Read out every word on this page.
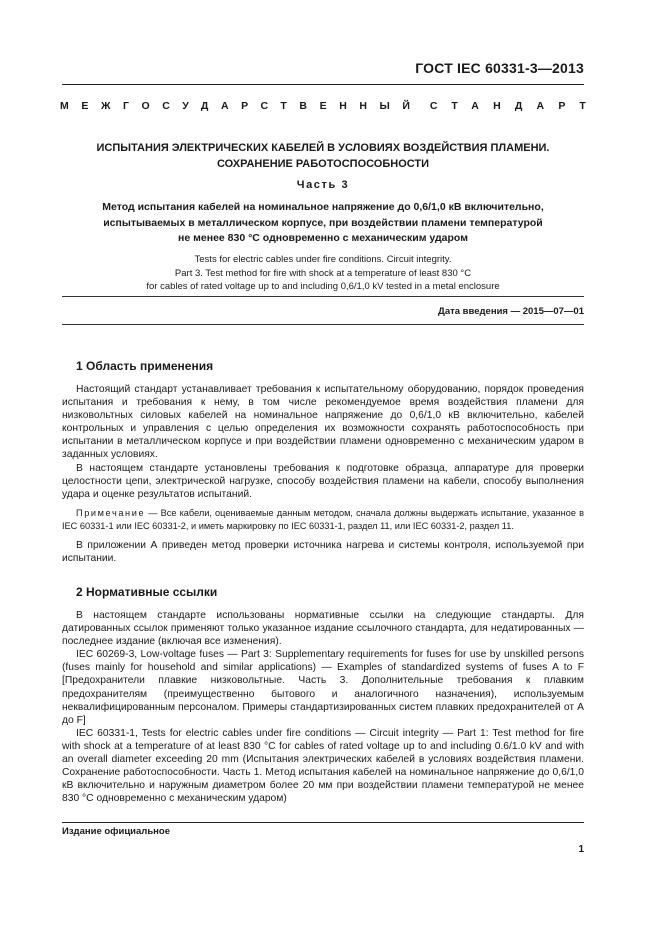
ГОСТ IEC 60331-3—2013
МЕЖГОСУДАРСТВЕННЫЙ СТАНДАРТ
ИСПЫТАНИЯ ЭЛЕКТРИЧЕСКИХ КАБЕЛЕЙ В УСЛОВИЯХ ВОЗДЕЙСТВИЯ ПЛАМЕНИ.
СОХРАНЕНИЕ РАБОТОСПОСОБНОСТИ
Часть 3
Метод испытания кабелей на номинальное напряжение до 0,6/1,0 кВ включительно,
испытываемых в металлическом корпусе, при воздействии пламени температурой
не менее 830 °С одновременно с механическим ударом
Tests for electric cables under fire conditions. Circuit integrity.
Part 3. Test method for fire with shock at a temperature of least 830 °C
for cables of rated voltage up to and including 0,6/1,0 kV tested in a metal enclosure
Дата введения — 2015—07—01
1 Область применения

Настоящий стандарт устанавливает требования к испытательному оборудованию, порядок проведения испытания и требования к нему, в том числе рекомендуемое время воздействия пламени для низковольтных силовых кабелей на номинальное напряжение до 0,6/1,0 кВ включительно, кабелей контрольных и управления с целью определения их возможности сохранять работоспособность при испытании в металлическом корпусе и при воздействии пламени одновременно с механическим ударом в заданных условиях.

В настоящем стандарте установлены требования к подготовке образца, аппаратуре для проверки целостности цепи, электрической нагрузке, способу воздействия пламени на кабели, способу выполнения удара и оценке результатов испытаний.

Примечание — Все кабели, оцениваемые данным методом, сначала должны выдержать испытание, указанное в IEC 60331-1 или IEC 60331-2, и иметь маркировку по IEC 60331-1, раздел 11, или IEC 60331-2, раздел 11.

В приложении А приведен метод проверки источника нагрева и системы контроля, используемой при испытании.

2 Нормативные ссылки

В настоящем стандарте использованы нормативные ссылки на следующие стандарты. Для датированных ссылок применяют только указанное издание ссылочного стандарта, для недатированных — последнее издание (включая все изменения).

IEC 60269-3, Low-voltage fuses — Part 3: Supplementary requirements for fuses for use by unskilled persons (fuses mainly for household and similar applications) — Examples of standardized systems of fuses A to F [Предохранители плавкие низковольтные. Часть 3. Дополнительные требования к плавким предохранителям (преимущественно бытового и аналогичного назначения), используемым неквалифицированным персоналом. Примеры стандартизированных систем плавких предохранителей от А до F]

IEC 60331-1, Tests for electric cables under fire conditions — Circuit integrity — Part 1: Test method for fire with shock at a temperature of at least 830 °C for cables of rated voltage up to and including 0.6/1.0 kV and with an overall diameter exceeding 20 mm (Испытания электрических кабелей в условиях воздействия пламени. Сохранение работоспособности. Часть 1. Метод испытания кабелей на номинальное напряжение до 0,6/1,0 кВ включительно и наружным диаметром более 20 мм при воздействии пламени температурой не менее 830 °С одновременно с механическим ударом)

Издание официальное
1
